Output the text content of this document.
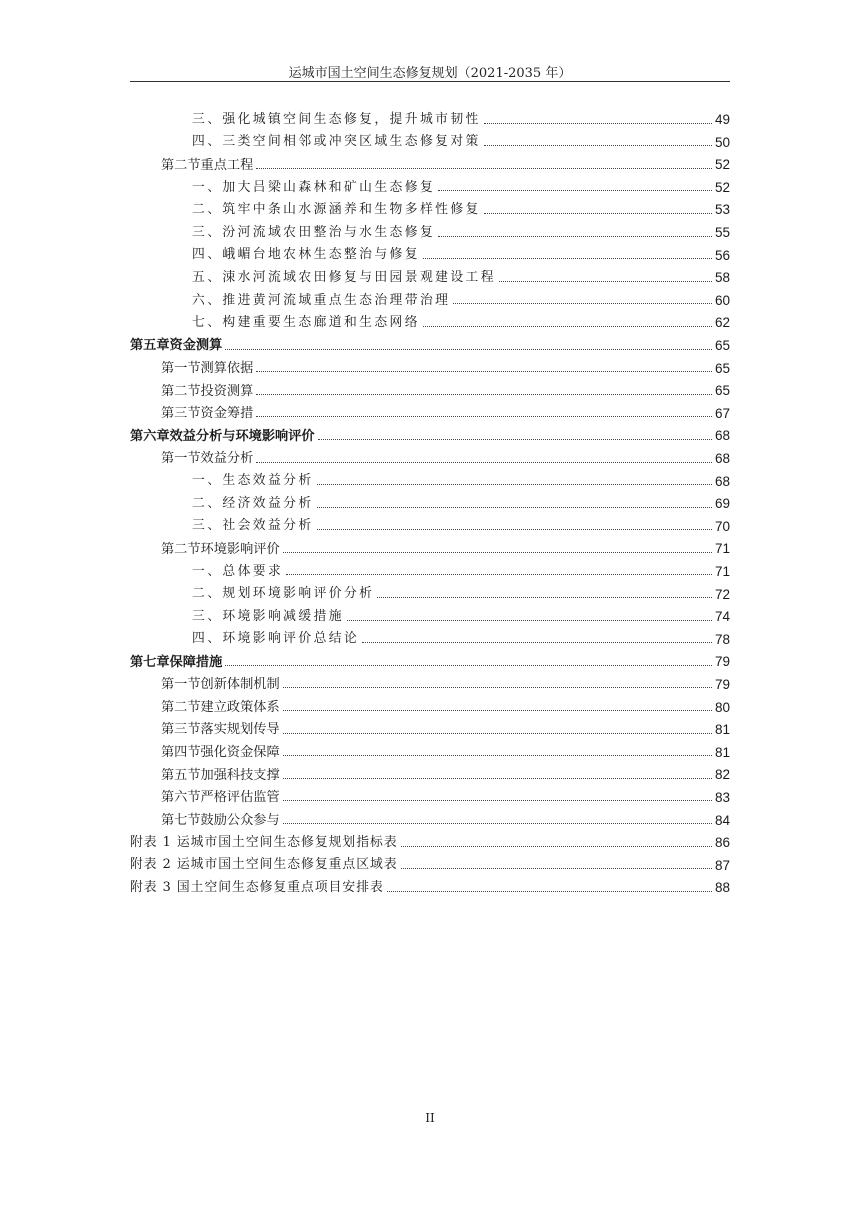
运城市国土空间生态修复规划（2021-2035 年）
三、强化城镇空间生态修复，提升城市韧性	49
四、三类空间相邻或冲突区域生态修复对策	50
第二节重点工程	52
一、加大吕梁山森林和矿山生态修复	52
二、筑牢中条山水源涵养和生物多样性修复	53
三、汾河流域农田整治与水生态修复	55
四、峨嵋台地农林生态整治与修复	56
五、涑水河流域农田修复与田园景观建设工程	58
六、推进黄河流域重点生态治理带治理	60
七、构建重要生态廊道和生态网络	62
第五章资金测算	65
第一节测算依据	65
第二节投资测算	65
第三节资金筹措	67
第六章效益分析与环境影响评价	68
第一节效益分析	68
一、生态效益分析	68
二、经济效益分析	69
三、社会效益分析	70
第二节环境影响评价	71
一、总体要求	71
二、规划环境影响评价分析	72
三、环境影响减缓措施	74
四、环境影响评价总结论	78
第七章保障措施	79
第一节创新体制机制	79
第二节建立政策体系	80
第三节落实规划传导	81
第四节强化资金保障	81
第五节加强科技支撑	82
第六节严格评估监管	83
第七节鼓励公众参与	84
附表 1 运城市国土空间生态修复规划指标表	86
附表 2 运城市国土空间生态修复重点区域表	87
附表 3 国土空间生态修复重点项目安排表	88
II
